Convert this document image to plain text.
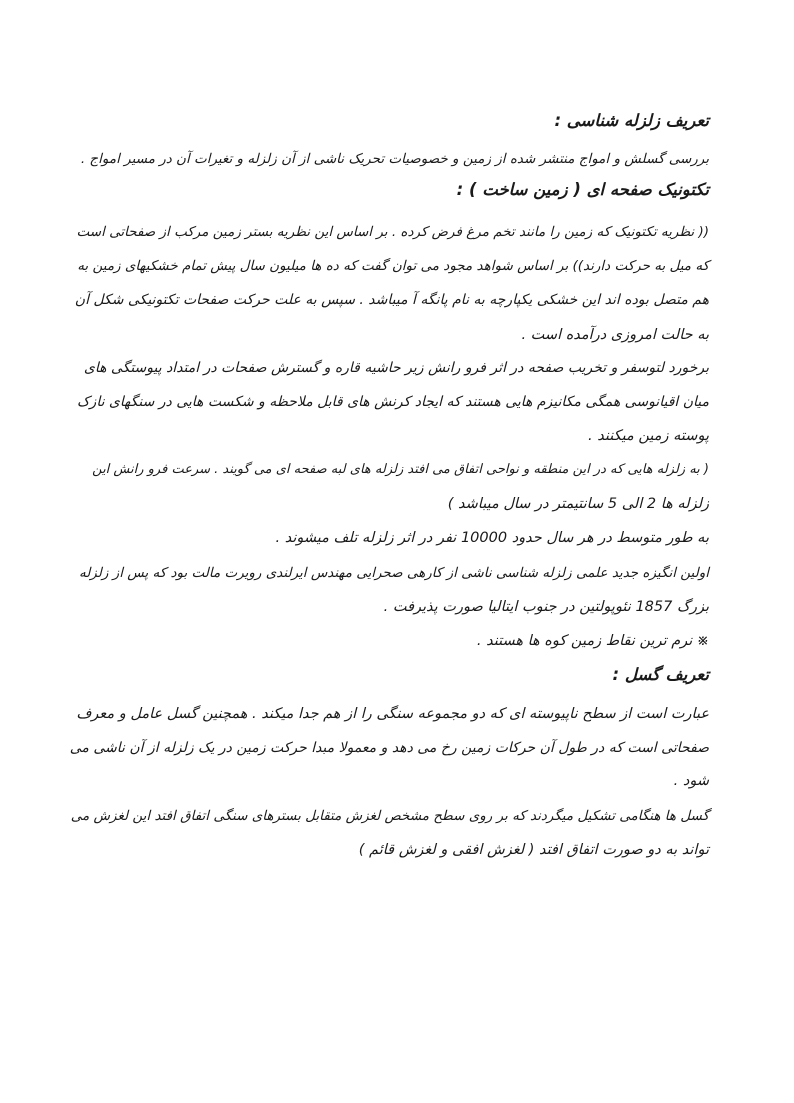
تعریف زلزله شناسی :
بررسی گسلش و امواج منتشر شده از زمین و خصوصیات تحریک ناشی از آن زلزله و تغیرات آن در مسیر امواج .
تکتونیک صفحه ای ( زمین ساخت ) :
(( نظریه تکتونیک که زمین را مانند تخم مرغ فرض کرده . بر اساس این نظریه بستر زمین مرکب از صفحاتی است
که میل به حرکت دارند)) بر اساس شواهد مجود می توان گفت که ده ها میلیون سال پیش تمام خشکیهای زمین به
هم متصل بوده اند این خشکی یکپارچه به نام پانگه آ میباشد . سپس به علت حرکت صفحات تکتونیکی شکل آن
به حالت امروزی درآمده است .
برخورد لتوسفر و تخریب صفحه در اثر فرو رانش زیر حاشیه قاره و گسترش صفحات در امتداد پیوستگی های
میان اقیانوسی همگی مکانیزم هایی هستند که ایجاد کرنش های قابل ملاحظه و شکست هایی در سنگهای نازک
پوسته زمین میکنند .
( به زلزله هایی که در این منطقه و نواحی اتفاق می افتد زلزله های لبه صفحه ای می گویند . سرعت فرو رانش این
زلزله ها 2 الی 5 سانتیمتر در سال میباشد )
به طور متوسط در هر سال حدود 10000 نفر در اثر زلزله تلف میشوند .
اولین انگیزه جدید علمی زلزله شناسی ناشی از کارهی صحرایی مهندس ایرلندی رویرت مالت بود که پس از زلزله
بزرگ 1857 نئوپولتین در جنوب ایتالیا صورت پذیرفت .
※ نرم ترین نقاط زمین کوه ها هستند .
تعریف گسل :
عبارت است از سطح ناپیوسته ای که دو مجموعه سنگی را از هم جدا میکند . همچنین گسل عامل و معرف
صفحاتی است که در طول آن حرکات زمین رخ می دهد و معمولا مبدا حرکت زمین در یک زلزله از آن ناشی می
شود .
گسل ها هنگامی تشکیل میگردند که بر روی سطح مشخص لغزش متقابل بسترهای سنگی اتفاق افتد این لغزش می
تواند به دو صورت اتفاق افتد ( لغزش افقی و لغزش قائم )
